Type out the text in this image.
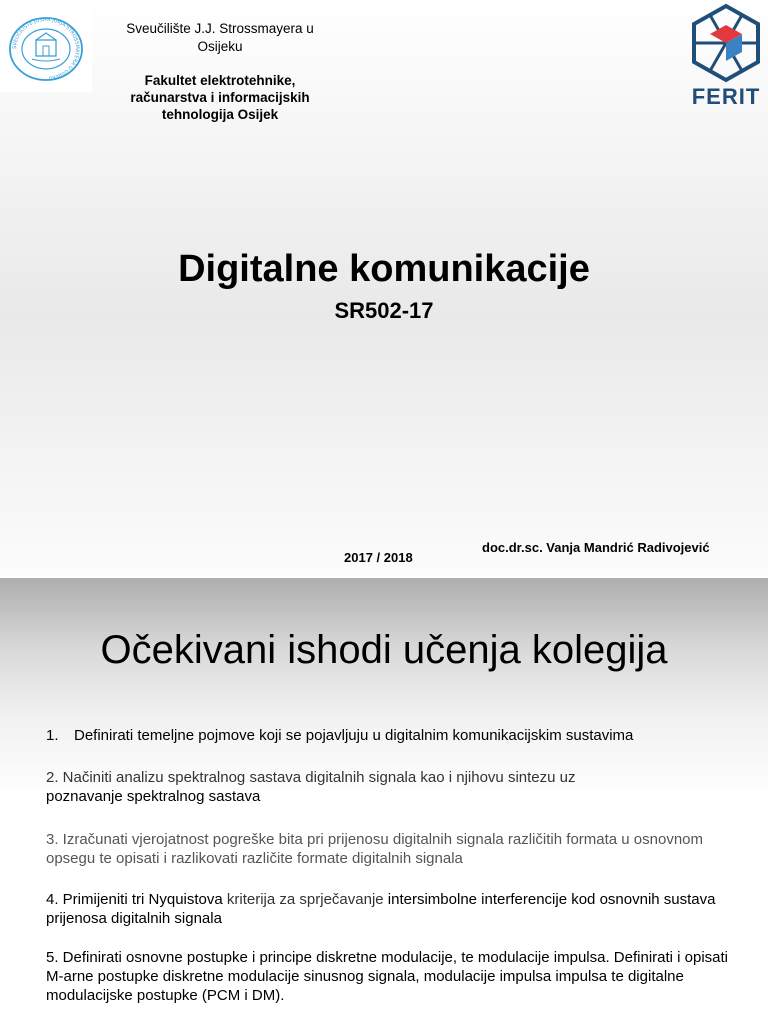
SVEUČILIŠTE JOSIPA JURJA STROSSMAYERA U OSIJEKU
Sveučilište J.J. Strossmayera u Osijeku
Fakultet elektrotehnike, računarstva i informacijskih tehnologija Osijek
FERIT
Digitalne komunikacije
SR502-17
doc.dr.sc. Vanja Mandrić Radivojević
2017 / 2018
Očekivani ishodi učenja kolegija
1. Definirati temeljne pojmove koji se pojavljuju u digitalnim komunikacijskim sustavima
2. Načiniti analizu spektralnog sastava digitalnih signala kao i njihovu sintezu uz
poznavanje spektralnog sastava
3. Izračunati vjerojatnost pogreške bita pri prijenosu digitalnih signala različitih formata u osnovnom opsegu te opisati i razlikovati različite formate digitalnih signala
4. Primijeniti tri Nyquistova kriterija za sprječavanje intersimbolne interferencije kod osnovnih sustava prijenosa digitalnih signala
5. Definirati osnovne postupke i principe diskretne modulacije, te modulacije impulsa. Definirati i opisati M-arne postupke diskretne modulacije sinusnog signala, modulacije impulsa impulsa te digitalne modulacijske postupke (PCM i DM).
